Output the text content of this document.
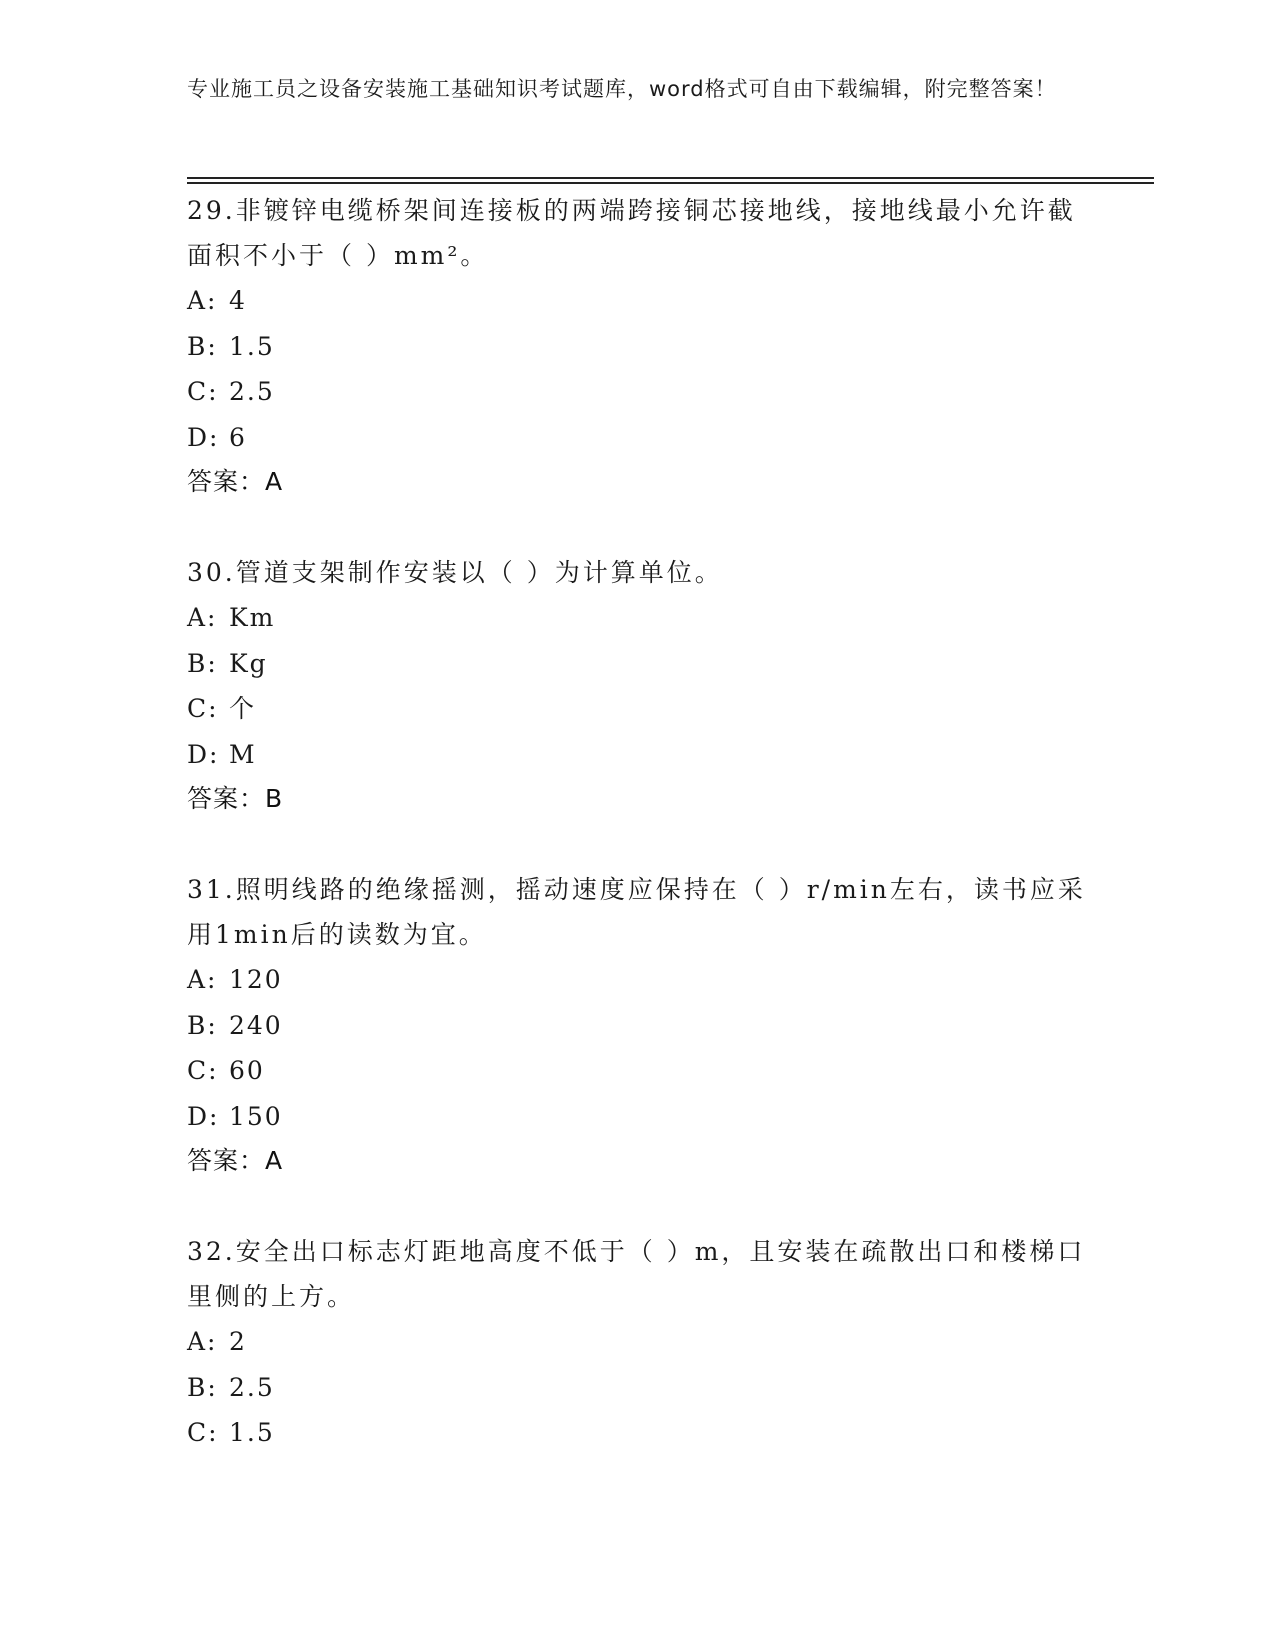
专业施工员之设备安装施工基础知识考试题库，word格式可自由下载编辑，附完整答案！
29.非镀锌电缆桥架间连接板的两端跨接铜芯接地线，接地线最小允许截面积不小于（ ）mm²。
A: 4
B: 1.5
C: 2.5
D: 6
答案：A
30.管道支架制作安装以（ ）为计算单位。
A: Km
B: Kg
C: 个
D: M
答案：B
31.照明线路的绝缘摇测，摇动速度应保持在（ ）r/min左右，读书应采用1min后的读数为宜。
A: 120
B: 240
C: 60
D: 150
答案：A
32.安全出口标志灯距地高度不低于（ ）m，且安装在疏散出口和楼梯口里侧的上方。
A: 2
B: 2.5
C: 1.5
